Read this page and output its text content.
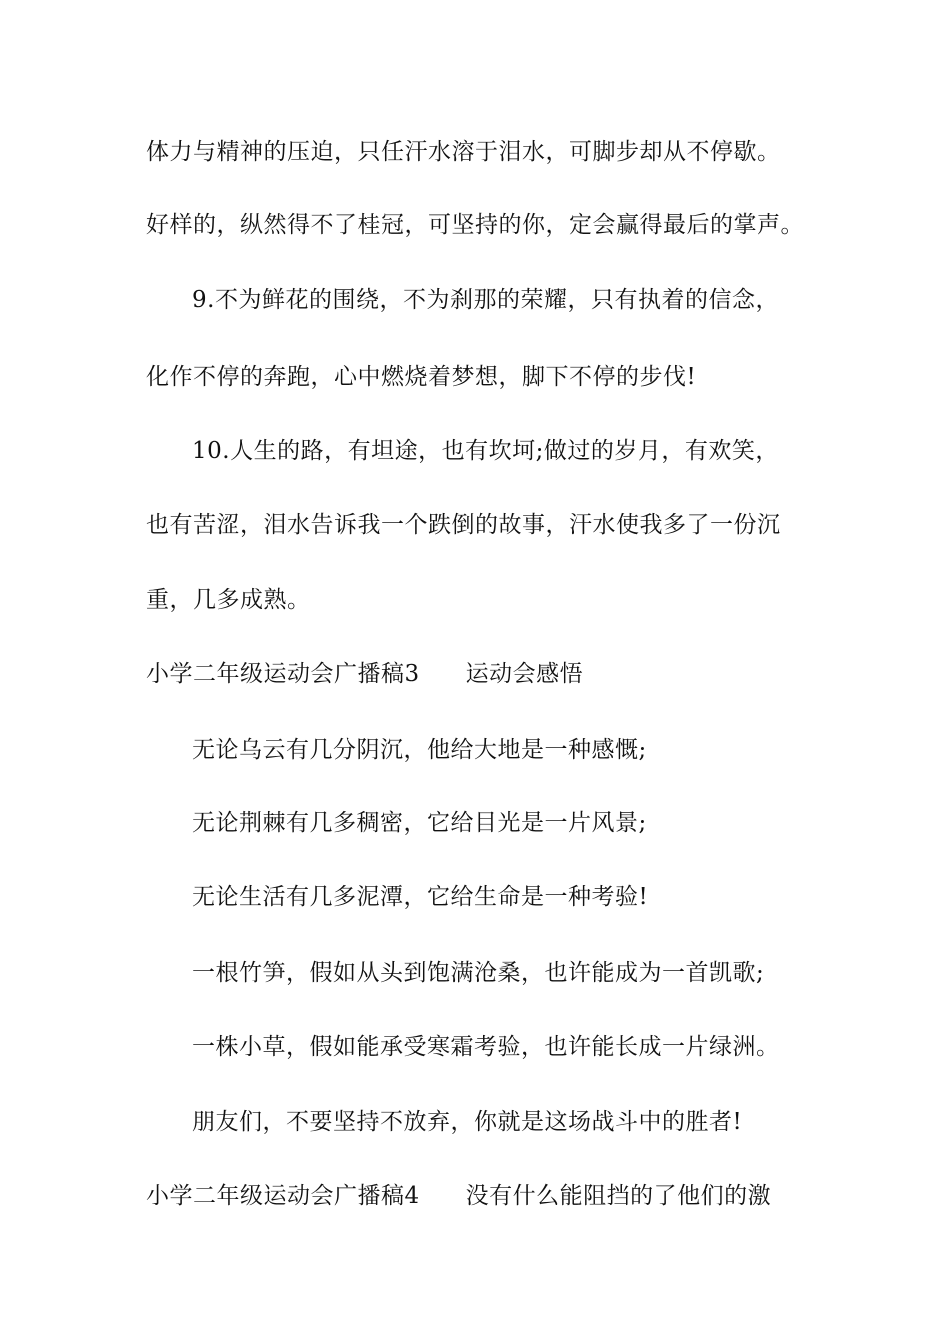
体力与精神的压迫，只任汗水溶于泪水，可脚步却从不停歇。
好样的，纵然得不了桂冠，可坚持的你，定会赢得最后的掌声。
9.不为鲜花的围绕，不为刹那的荣耀，只有执着的信念，
化作不停的奔跑，心中燃烧着梦想，脚下不停的步伐!
10.人生的路，有坦途，也有坎坷;做过的岁月，有欢笑，
也有苦涩，泪水告诉我一个跌倒的故事，汗水使我多了一份沉
重，几多成熟。
小学二年级运动会广播稿3 运动会感悟
无论乌云有几分阴沉，他给大地是一种感慨;
无论荆棘有几多稠密，它给目光是一片风景;
无论生活有几多泥潭，它给生命是一种考验!
一根竹笋，假如从头到饱满沧桑，也许能成为一首凯歌;
一株小草，假如能承受寒霜考验，也许能长成一片绿洲。
朋友们，不要坚持不放弃，你就是这场战斗中的胜者!
小学二年级运动会广播稿4 没有什么能阻挡的了他们的激
